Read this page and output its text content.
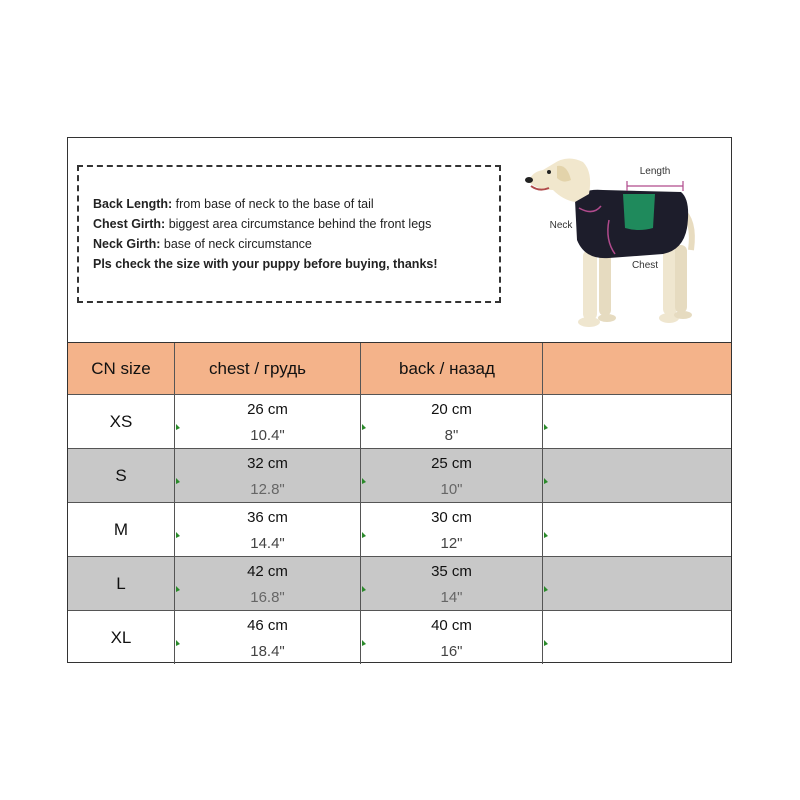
Back Length: from base of neck to the base of tail
Chest Girth: biggest area circumstance behind the front legs
Neck Girth: base of neck circumstance
Pls check the size with your puppy before buying, thanks!
Length
Neck
Chest
CN size	chest / грудь	back / назад
XS
26 cm
10.4"
20 cm
8"
S
32 cm
12.8"
25 cm
10"
M
36 cm
14.4"
30 cm
12"
L
42 cm
16.8"
35 cm
14"
XL
46 cm
18.4"
40 cm
16"
